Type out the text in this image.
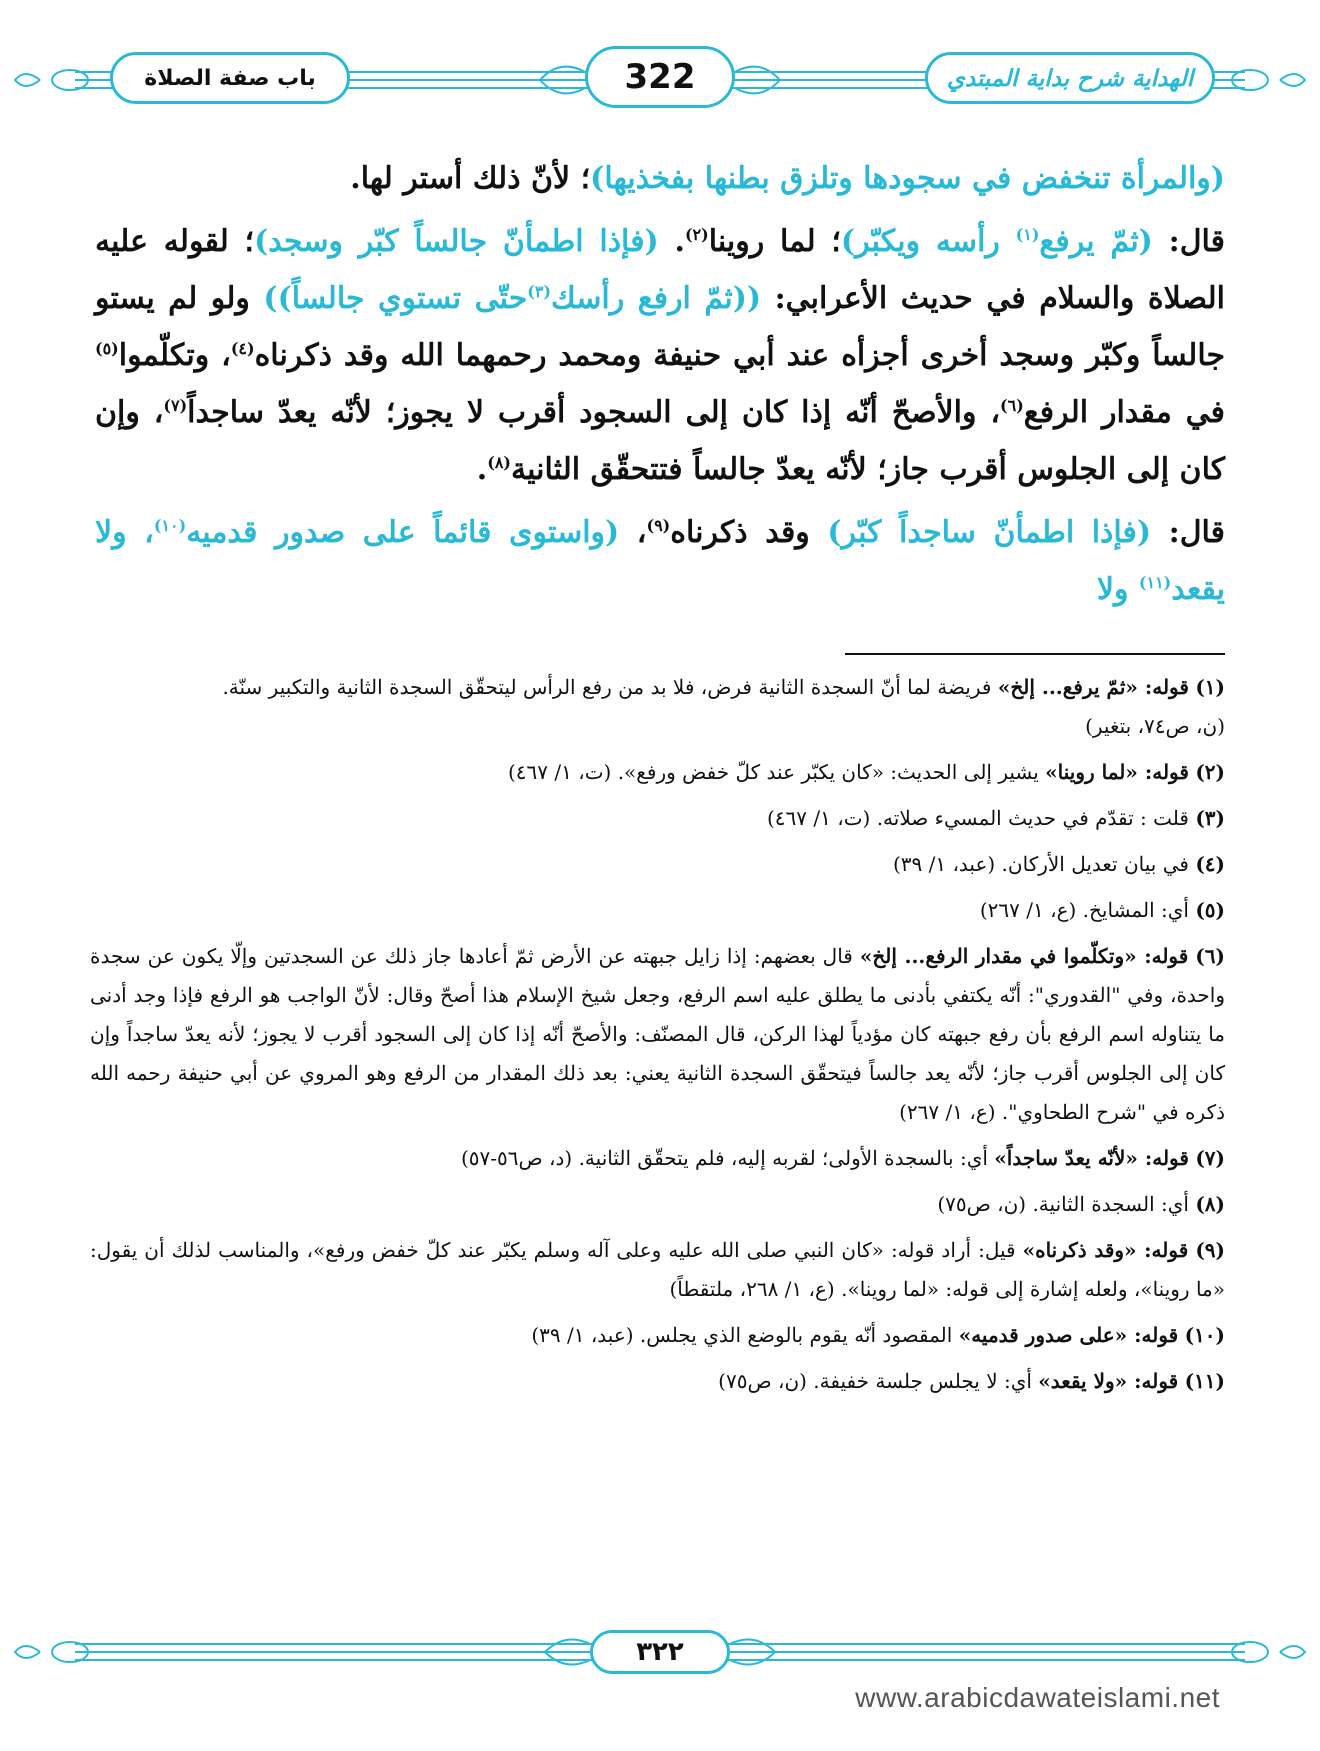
باب صفة الصلاة	322	الهداية شرح بداية المبتدي

(والمرأة تنخفض في سجودها وتلزق بطنها بفخذيها)؛ لأنّ ذلك أستر لها.

قال: (ثمّ يرفع$^{(١)}$ رأسه ويكبّر)؛ لما روينا$^{(٢)}$. (فإذا اطمأنّ جالساً كبّر وسجد)؛ لقوله عليه الصلاة والسلام في حديث الأعرابي: ((ثمّ ارفع رأسك$^{(٣)}$حتّى تستوي جالساً)) ولو لم يستو جالساً وكبّر وسجد أخرى أجزأه عند أبي حنيفة ومحمد رحمهما الله وقد ذكرناه$^{(٤)}$، وتكلّموا$^{(٥)}$ في مقدار الرفع$^{(٦)}$، والأصحّ أنّه إذا كان إلى السجود أقرب لا يجوز؛ لأنّه يعدّ ساجداً$^{(٧)}$، وإن كان إلى الجلوس أقرب جاز؛ لأنّه يعدّ جالساً فتتحقّق الثانية$^{(٨)}$.

قال: (فإذا اطمأنّ ساجداً كبّر) وقد ذكرناه$^{(٩)}$، (واستوى قائماً على صدور قدميه$^{(١٠)}$، ولا يقعد$^{(١١)}$ ولا

(١) قوله: «ثمّ يرفع... إلخ» فريضة لما أنّ السجدة الثانية فرض، فلا بد من رفع الرأس ليتحقّق السجدة الثانية والتكبير سنّة.
(ن، ص٧٤، بتغير)
(٢) قوله: «لما روينا» يشير إلى الحديث: «كان يكبّر عند كلّ خفض ورفع». (ت، ١/ ٤٦٧)
(٣) قلت : تقدّم في حديث المسيء صلاته. (ت، ١/ ٤٦٧)
(٤) في بيان تعديل الأركان. (عبد، ١/ ٣٩)
(٥) أي: المشايخ. (ع، ١/ ٢٦٧)
(٦) قوله: «وتكلّموا في مقدار الرفع... إلخ» قال بعضهم: إذا زايل جبهته عن الأرض ثمّ أعادها جاز ذلك عن السجدتين وإلّا يكون عن سجدة واحدة، وفي "القدوري": أنّه يكتفي بأدنى ما يطلق عليه اسم الرفع، وجعل شيخ الإسلام هذا أصحّ وقال: لأنّ الواجب هو الرفع فإذا وجد أدنى ما يتناوله اسم الرفع بأن رفع جبهته كان مؤدياً لهذا الركن، قال المصنّف: والأصحّ أنّه إذا كان إلى السجود أقرب لا يجوز؛ لأنه يعدّ ساجداً وإن كان إلى الجلوس أقرب جاز؛ لأنّه يعد جالساً فيتحقّق السجدة الثانية يعني: بعد ذلك المقدار من الرفع وهو المروي عن أبي حنيفة رحمه الله ذكره في "شرح الطحاوي". (ع، ١/ ٢٦٧)
(٧) قوله: «لأنّه يعدّ ساجداً» أي: بالسجدة الأولى؛ لقربه إليه، فلم يتحقّق الثانية. (د، ص٥٦-٥٧)
(٨) أي: السجدة الثانية. (ن، ص٧٥)
(٩) قوله: «وقد ذكرناه» قيل: أراد قوله: «كان النبي صلى الله عليه وعلى آله وسلم يكبّر عند كلّ خفض ورفع»، والمناسب لذلك أن يقول: «ما روينا»، ولعله إشارة إلى قوله: «لما روينا». (ع، ١/ ٢٦٨، ملتقطاً)
(١٠) قوله: «على صدور قدميه» المقصود أنّه يقوم بالوضع الذي يجلس. (عبد، ١/ ٣٩)
(١١) قوله: «ولا يقعد» أي: لا يجلس جلسة خفيفة. (ن، ص٧٥)
٣٢٢
www.arabicdawateislami.net
